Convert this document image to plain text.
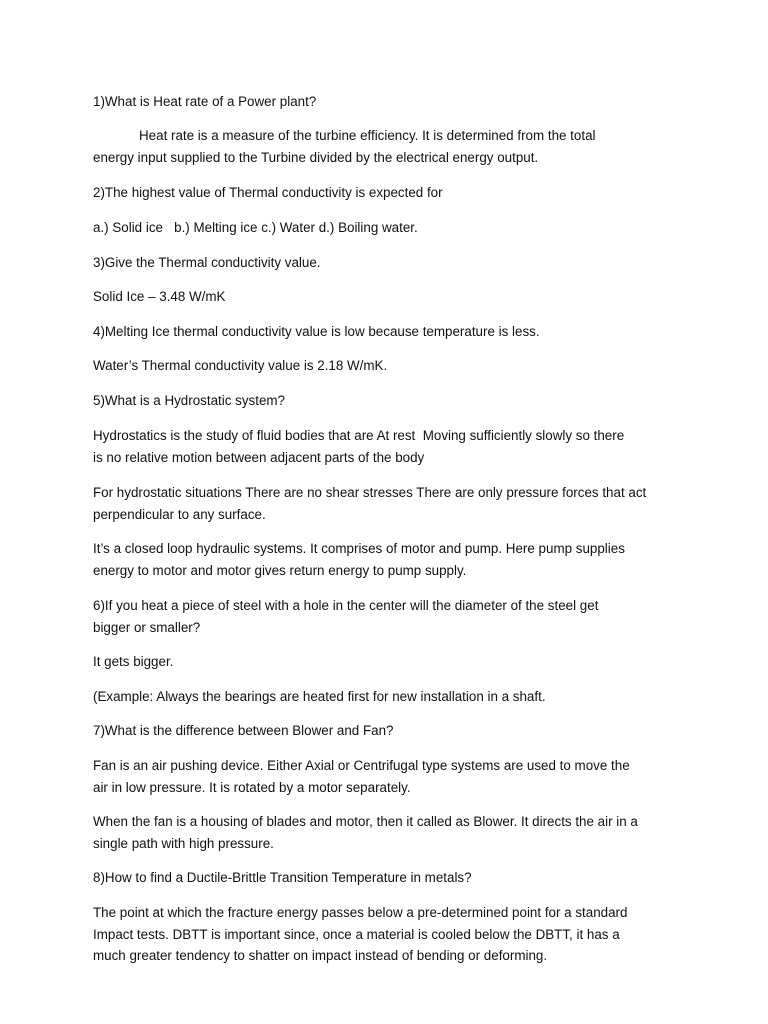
1)What is Heat rate of a Power plant?

Heat rate is a measure of the turbine efficiency. It is determined from the total
energy input supplied to the Turbine divided by the electrical energy output.

2)The highest value of Thermal conductivity is expected for

a.) Solid ice   b.) Melting ice c.) Water d.) Boiling water.

3)Give the Thermal conductivity value.

Solid Ice – 3.48 W/mK

4)Melting Ice thermal conductivity value is low because temperature is less.

Water’s Thermal conductivity value is 2.18 W/mK.

5)What is a Hydrostatic system?

Hydrostatics is the study of fluid bodies that are At rest  Moving sufficiently slowly so there
is no relative motion between adjacent parts of the body

For hydrostatic situations There are no shear stresses There are only pressure forces that act
perpendicular to any surface.

It’s a closed loop hydraulic systems. It comprises of motor and pump. Here pump supplies
energy to motor and motor gives return energy to pump supply.

6)If you heat a piece of steel with a hole in the center will the diameter of the steel get
bigger or smaller?

It gets bigger.

(Example: Always the bearings are heated first for new installation in a shaft.

7)What is the difference between Blower and Fan?

Fan is an air pushing device. Either Axial or Centrifugal type systems are used to move the
air in low pressure. It is rotated by a motor separately.

When the fan is a housing of blades and motor, then it called as Blower. It directs the air in a
single path with high pressure.

8)How to find a Ductile-Brittle Transition Temperature in metals?

The point at which the fracture energy passes below a pre-determined point for a standard
Impact tests. DBTT is important since, once a material is cooled below the DBTT, it has a
much greater tendency to shatter on impact instead of bending or deforming.
